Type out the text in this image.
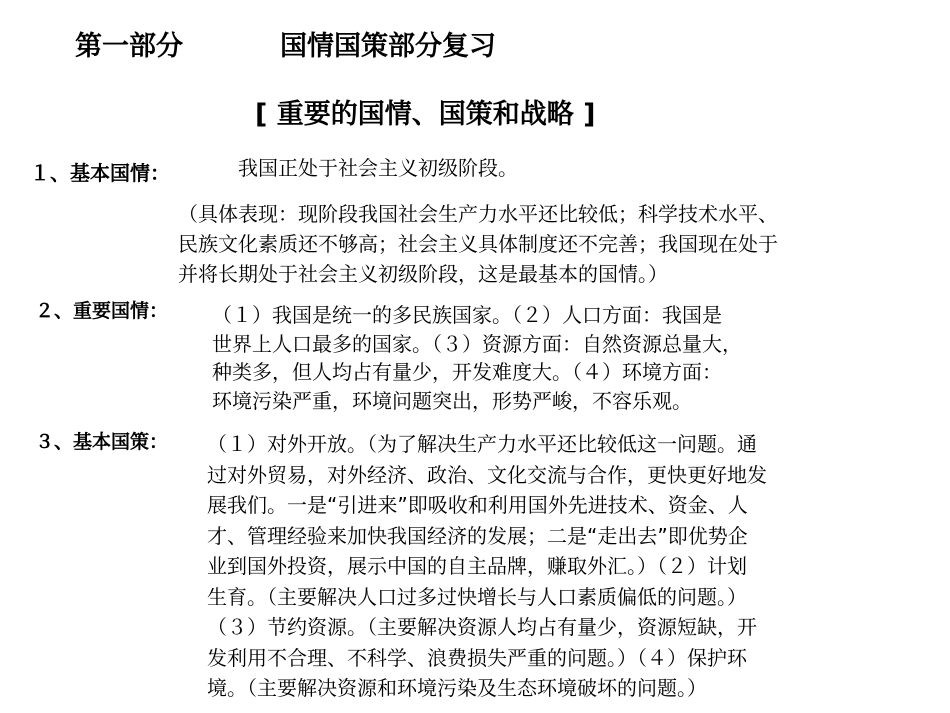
第一部分	国情国策部分复习
[ 重要的国情、国策和战略 ]
１、基本国情：	我国正处于社会主义初级阶段。
（具体表现：现阶段我国社会生产力水平还比较低；科学技术水平、
民族文化素质还不够高；社会主义具体制度还不完善；我国现在处于
并将长期处于社会主义初级阶段，这是最基本的国情。）
２、重要国情： （１）我国是统一的多民族国家。（２）人口方面：我国是
世界上人口最多的国家。（３）资源方面：自然资源总量大，
种类多，但人均占有量少，开发难度大。（４）环境方面：
环境污染严重，环境问题突出，形势严峻，不容乐观。
３、基本国策： （１）对外开放。（为了解决生产力水平还比较低这一问题。通
过对外贸易，对外经济、政治、文化交流与合作，更快更好地发
展我们。一是“引进来”即吸收和利用国外先进技术、资金、人
才、管理经验来加快我国经济的发展；二是“走出去”即优势企
业到国外投资，展示中国的自主品牌，赚取外汇。）（２）计划
生育。（主要解决人口过多过快增长与人口素质偏低的问题。）
（３）节约资源。（主要解决资源人均占有量少，资源短缺，开
发利用不合理、不科学、浪费损失严重的问题。）（４）保护环
境。（主要解决资源和环境污染及生态环境破坏的问题。）
